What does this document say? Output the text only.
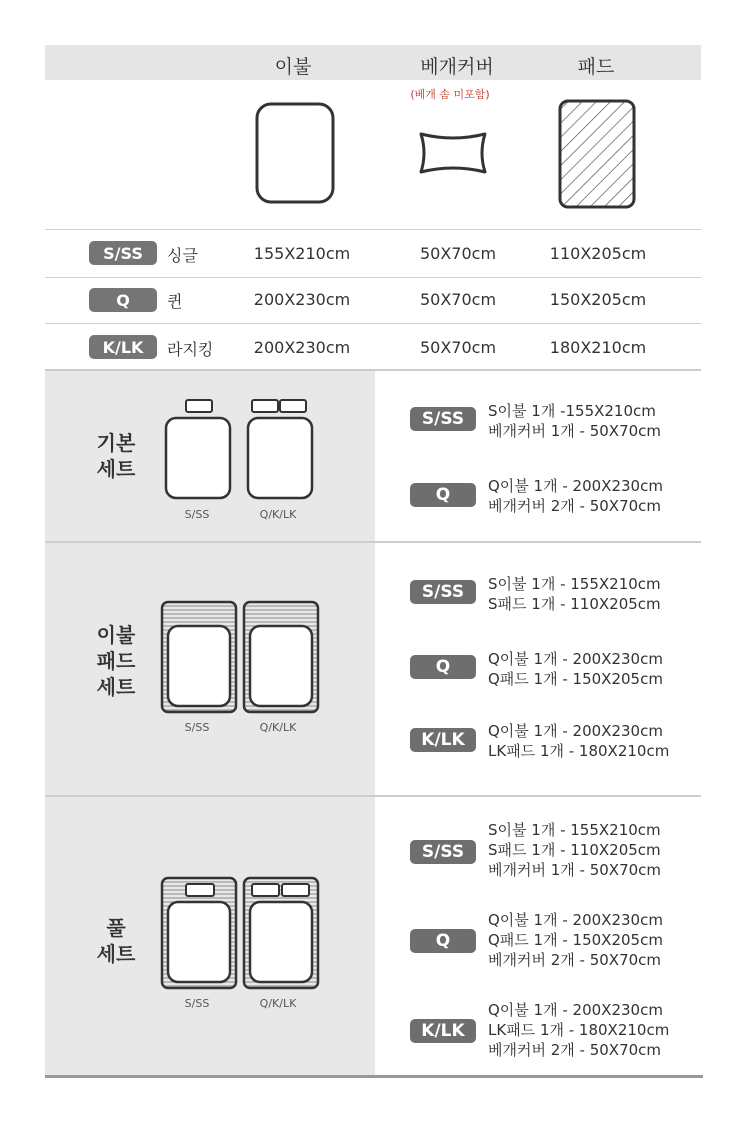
이불	베개커버	패드
(베개 솜 미포함)
S/SS	싱글	155X210cm	50X70cm	110X205cm
Q	퀸	200X230cm	50X70cm	150X205cm
K/LK	라지킹	200X230cm	50X70cm	180X210cm
기본
세트
S/SS	Q/K/LK
S/SS	S이불 1개 -155X210cm
베개커버 1개 - 50X70cm
Q	Q이불 1개 - 200X230cm
베개커버 2개 - 50X70cm
이불
패드
세트
S/SS	Q/K/LK
S/SS	S이불 1개 - 155X210cm
S패드 1개 - 110X205cm
Q	Q이불 1개 - 200X230cm
Q패드 1개 - 150X205cm
K/LK	Q이불 1개 - 200X230cm
LK패드 1개 - 180X210cm
풀
세트
S/SS	Q/K/LK
S/SS
S이불 1개 - 155X210cm
S패드 1개 - 110X205cm
베개커버 1개 - 50X70cm
Q
Q이불 1개 - 200X230cm
Q패드 1개 - 150X205cm
베개커버 2개 - 50X70cm
K/LK
Q이불 1개 - 200X230cm
LK패드 1개 - 180X210cm
베개커버 2개 - 50X70cm
